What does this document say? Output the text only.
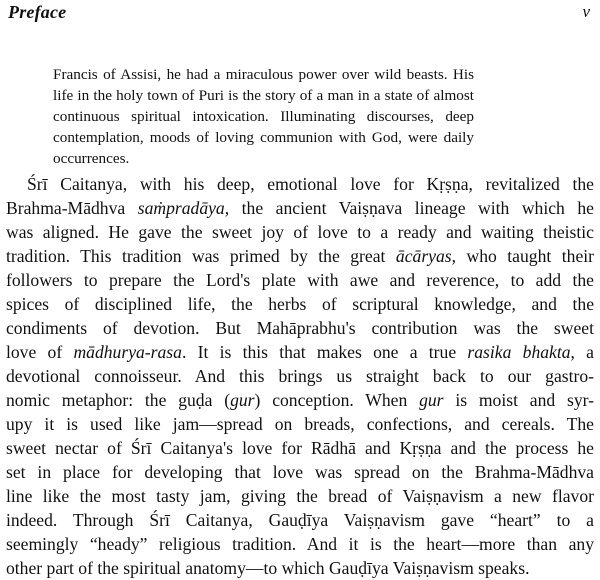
Preface	v
Francis of Assisi, he had a miraculous power over wild beasts. His
life in the holy town of Puri is the story of a man in a state of almost
continuous spiritual intoxication. Illuminating discourses, deep
contemplation, moods of loving communion with God, were daily
occurrences.
Śrī Caitanya, with his deep, emotional love for Kṛṣṇa, revitalized the
Brahma-Mādhva saṁpradāya, the ancient Vaiṣṇava lineage with which he
was aligned. He gave the sweet joy of love to a ready and waiting theistic
tradition. This tradition was primed by the great ācāryas, who taught their
followers to prepare the Lord's plate with awe and reverence, to add the
spices of disciplined life, the herbs of scriptural knowledge, and the
condiments of devotion. But Mahāprabhu's contribution was the sweet
love of mādhurya-rasa. It is this that makes one a true rasika bhakta, a
devotional connoisseur. And this brings us straight back to our gastro-
nomic metaphor: the guḍa (gur) conception. When gur is moist and syr-
upy it is used like jam—spread on breads, confections, and cereals. The
sweet nectar of Śrī Caitanya's love for Rādhā and Kṛṣṇa and the process he
set in place for developing that love was spread on the Brahma-Mādhva
line like the most tasty jam, giving the bread of Vaiṣṇavism a new flavor
indeed. Through Śrī Caitanya, Gauḍīya Vaiṣṇavism gave “heart” to a
seemingly “heady” religious tradition. And it is the heart—more than any
other part of the spiritual anatomy—to which Gauḍīya Vaiṣṇavism speaks.
